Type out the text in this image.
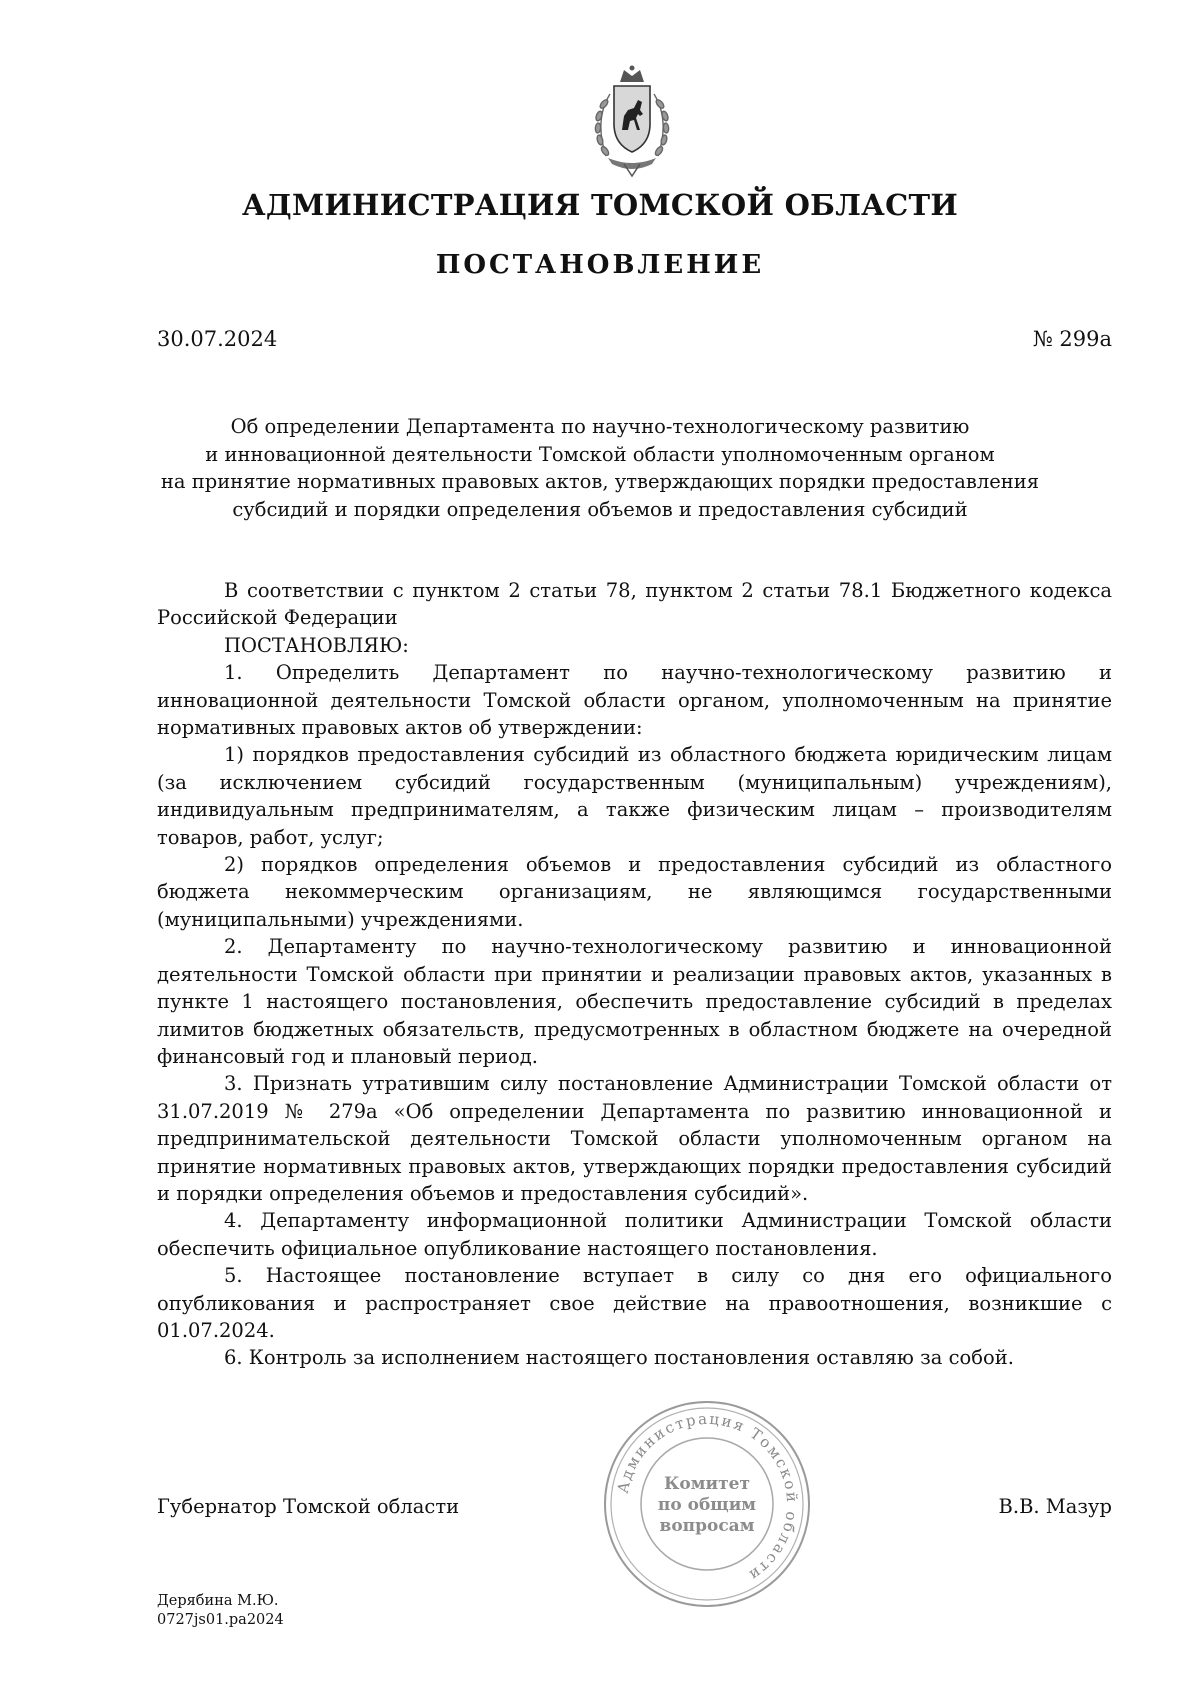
АДМИНИСТРАЦИЯ ТОМСКОЙ ОБЛАСТИ
ПОСТАНОВЛЕНИЕ
30.07.2024	№ 299а
Об определении Департамента по научно-технологическому развитию
и инновационной деятельности Томской области уполномоченным органом
на принятие нормативных правовых актов, утверждающих порядки предоставления
субсидий и порядки определения объемов и предоставления субсидий

В соответствии с пунктом 2 статьи 78, пунктом 2 статьи 78.1 Бюджетного кодекса Российской Федерации

ПОСТАНОВЛЯЮ:

1. Определить Департамент по научно-технологическому развитию и инновационной деятельности Томской области органом, уполномоченным на принятие нормативных правовых актов об утверждении:

1) порядков предоставления субсидий из областного бюджета юридическим лицам (за исключением субсидий государственным (муниципальным) учреждениям), индивидуальным предпринимателям, а также физическим лицам – производителям товаров, работ, услуг;

2) порядков определения объемов и предоставления субсидий из областного бюджета некоммерческим организациям, не являющимся государственными (муниципальными) учреждениями.

2. Департаменту по научно-технологическому развитию и инновационной деятельности Томской области при принятии и реализации правовых актов, указанных в пункте 1 настоящего постановления, обеспечить предоставление субсидий в пределах лимитов бюджетных обязательств, предусмотренных в областном бюджете на очередной финансовый год и плановый период.

3. Признать утратившим силу постановление Администрации Томской области от 31.07.2019 № 279а «Об определении Департамента по развитию инновационной и предпринимательской деятельности Томской области уполномоченным органом на принятие нормативных правовых актов, утверждающих порядки предоставления субсидий и порядки определения объемов и предоставления субсидий».

4. Департаменту информационной политики Администрации Томской области обеспечить официальное опубликование настоящего постановления.

5. Настоящее постановление вступает в силу со дня его официального опубликования и распространяет свое действие на правоотношения, возникшие с 01.07.2024.

6. Контроль за исполнением настоящего постановления оставляю за собой.

Администрация Томской области
Комитет
по общим
вопросам
Губернатор Томской области	В.В. Мазур
Дерябина М.Ю.
0727js01.pa2024
